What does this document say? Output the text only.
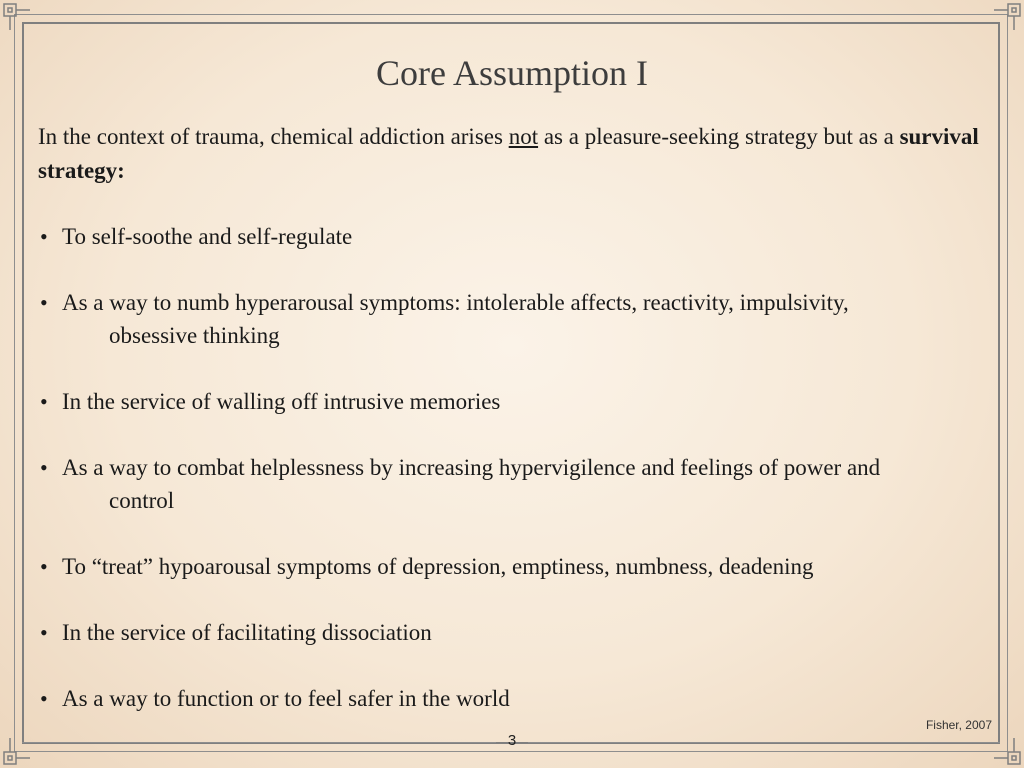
Core Assumption I
In the context of trauma, chemical addiction arises not as a pleasure-seeking strategy but as a survival strategy:
• To self-soothe and self-regulate
• As a way to numb hyperarousal symptoms: intolerable affects, reactivity, impulsivity,
obsessive thinking
• In the service of walling off intrusive memories
• As a way to combat helplessness by increasing hypervigilence and feelings of power and
control
• To “treat” hypoarousal symptoms of depression, emptiness, numbness, deadening
• In the service of facilitating dissociation
• As a way to function or to feel safer in the world
Fisher, 2007
3
